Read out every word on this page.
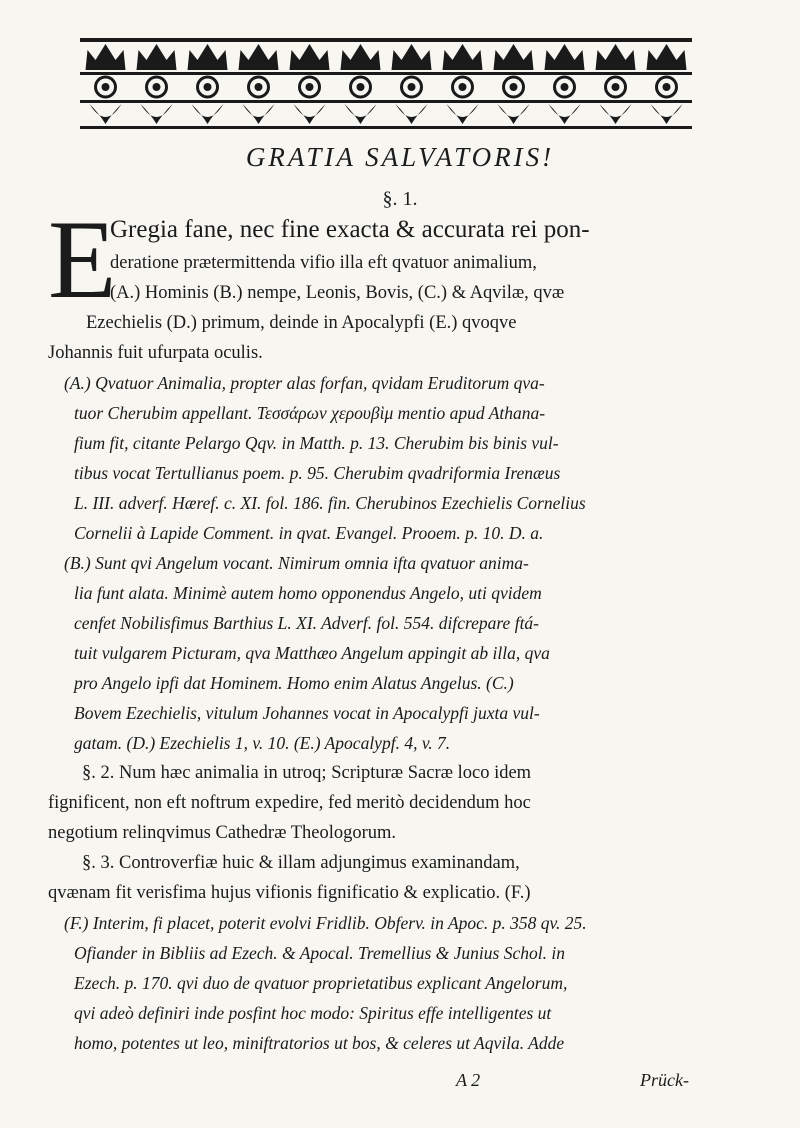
GRATIA SALVATORIS!
§. 1.
E
Gregia fane, nec fine exacta & accurata rei pon-
deratione prætermittenda vifio illa eft qvatuor animalium,
(A.) Hominis (B.) nempe, Leonis, Bovis, (C.) & Aqvilæ, qvæ
Ezechielis (D.) primum, deinde in Apocalypfi (E.) qvoqve
Johannis fuit ufurpata oculis.
(A.) Qvatuor Animalia, propter alas forfan, qvidam Eruditorum qva-
tuor Cherubim appellant. Τεσσάρων χερουβὶμ mentio apud Athana-
fium fit, citante Pelargo Qqv. in Matth. p. 13. Cherubim bis binis vul-
tibus vocat Tertullianus poem. p. 95. Cherubim qvadriformia Irenæus
L. III. adverf. Hæref. c. XI. fol. 186. fin. Cherubinos Ezechielis Cornelius
Cornelii à Lapide Comment. in qvat. Evangel. Prooem. p. 10. D. a.
(B.) Sunt qvi Angelum vocant. Nimirum omnia ifta qvatuor anima-
lia funt alata. Minimè autem homo opponendus Angelo, uti qvidem
cenfet Nobilisfimus Barthius L. XI. Adverf. fol. 554. difcrepare ftá-
tuit vulgarem Picturam, qva Matthæo Angelum appingit ab illa, qva
pro Angelo ipfi dat Hominem. Homo enim Alatus Angelus. (C.)
Bovem Ezechielis, vitulum Johannes vocat in Apocalypfi juxta vul-
gatam. (D.) Ezechielis 1, v. 10. (E.) Apocalypf. 4, v. 7.
§. 2. Num hæc animalia in utroq; Scripturæ Sacræ loco idem
fignificent, non eft noftrum expedire, fed meritò decidendum hoc
negotium relinqvimus Cathedræ Theologorum.
§. 3. Controverfiæ huic & illam adjungimus examinandam,
qvænam fit verisfima hujus vifionis fignificatio & explicatio. (F.)
(F.) Interim, fi placet, poterit evolvi Fridlib. Obferv. in Apoc. p. 358 qv. 25.
Ofiander in Bibliis ad Ezech. & Apocal. Tremellius & Junius Schol. in
Ezech. p. 170. qvi duo de qvatuor proprietatibus explicant Angelorum,
qvi adeò definiri inde posfint hoc modo: Spiritus effe intelligentes ut
homo, potentes ut leo, miniftratorios ut bos, & celeres ut Aqvila. Adde
A 2	Prück-
